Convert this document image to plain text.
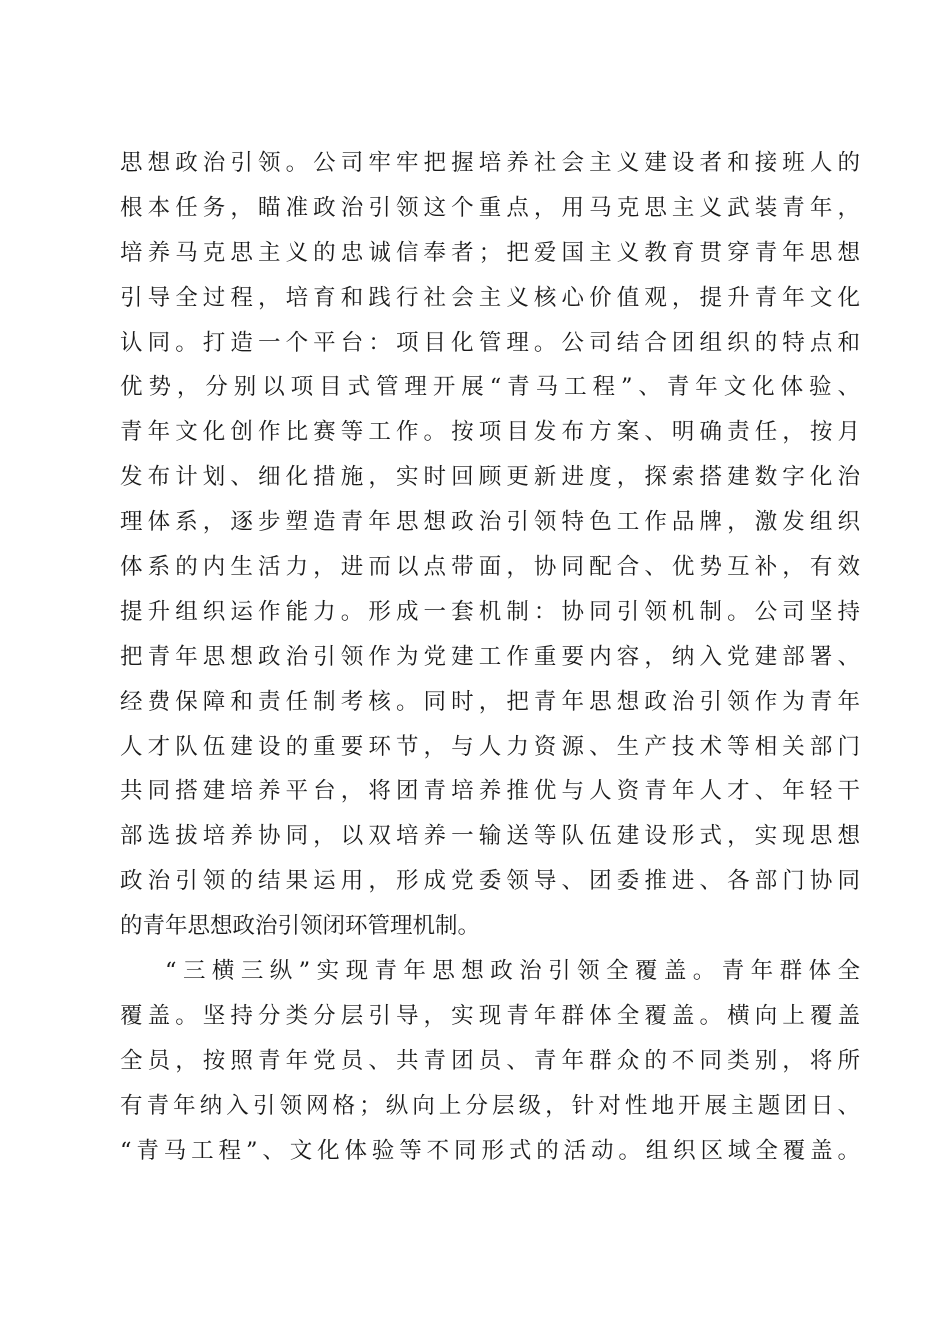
思想政治引领。公司牢牢把握培养社会主义建设者和接班人的
根本任务，瞄准政治引领这个重点，用马克思主义武装青年，
培养马克思主义的忠诚信奉者；把爱国主义教育贯穿青年思想
引导全过程，培育和践行社会主义核心价值观，提升青年文化
认同。打造一个平台：项目化管理。公司结合团组织的特点和
优势，分别以项目式管理开展“青马工程”、青年文化体验、
青年文化创作比赛等工作。按项目发布方案、明确责任，按月
发布计划、细化措施，实时回顾更新进度，探索搭建数字化治
理体系，逐步塑造青年思想政治引领特色工作品牌，激发组织
体系的内生活力，进而以点带面，协同配合、优势互补，有效
提升组织运作能力。形成一套机制：协同引领机制。公司坚持
把青年思想政治引领作为党建工作重要内容，纳入党建部署、
经费保障和责任制考核。同时，把青年思想政治引领作为青年
人才队伍建设的重要环节，与人力资源、生产技术等相关部门
共同搭建培养平台，将团青培养推优与人资青年人才、年轻干
部选拔培养协同，以双培养一输送等队伍建设形式，实现思想
政治引领的结果运用，形成党委领导、团委推进、各部门协同
的青年思想政治引领闭环管理机制。
“三横三纵”实现青年思想政治引领全覆盖。青年群体全
覆盖。坚持分类分层引导，实现青年群体全覆盖。横向上覆盖
全员，按照青年党员、共青团员、青年群众的不同类别，将所
有青年纳入引领网格；纵向上分层级，针对性地开展主题团日、
“青马工程”、文化体验等不同形式的活动。组织区域全覆盖。
